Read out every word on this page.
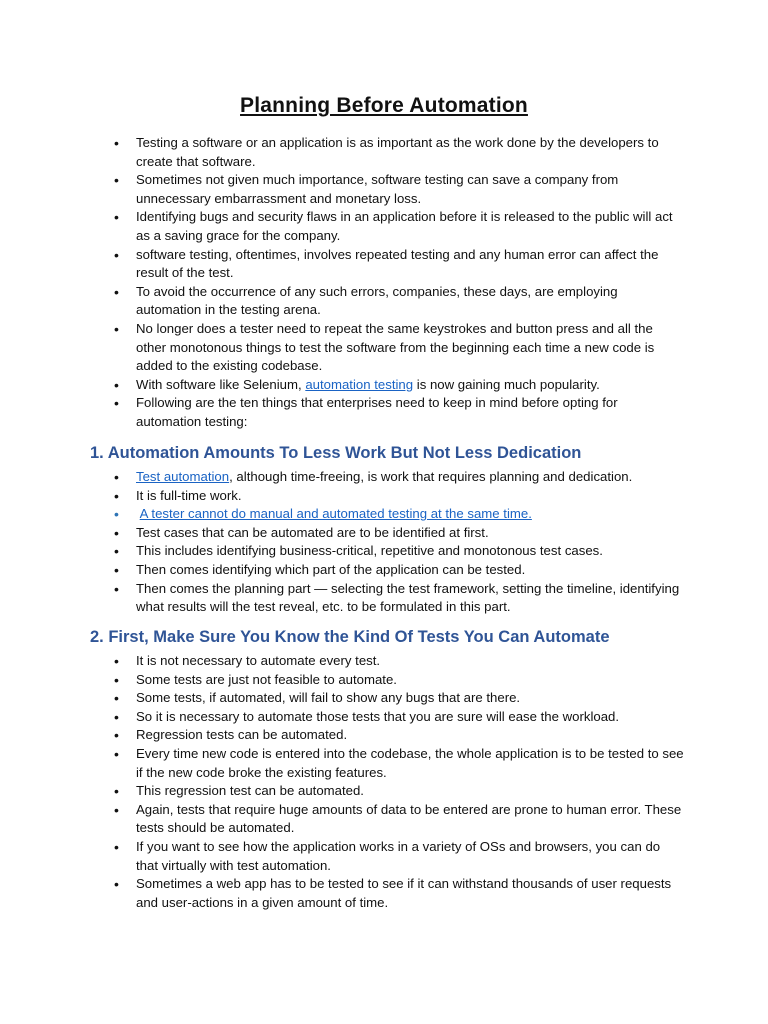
Planning Before Automation
• Testing a software or an application is as important as the work done by the developers to create that software.
• Sometimes not given much importance, software testing can save a company from unnecessary embarrassment and monetary loss.
• Identifying bugs and security flaws in an application before it is released to the public will act as a saving grace for the company.
• software testing, oftentimes, involves repeated testing and any human error can affect the result of the test.
• To avoid the occurrence of any such errors, companies, these days, are employing automation in the testing arena.
• No longer does a tester need to repeat the same keystrokes and button press and all the other monotonous things to test the software from the beginning each time a new code is added to the existing codebase.
• With software like Selenium, automation testing is now gaining much popularity.
• Following are the ten things that enterprises need to keep in mind before opting for automation testing:
1. Automation Amounts To Less Work But Not Less Dedication
• Test automation, although time-freeing, is work that requires planning and dedication.
• It is full-time work.
• A tester cannot do manual and automated testing at the same time.
• Test cases that can be automated are to be identified at first.
• This includes identifying business-critical, repetitive and monotonous test cases.
• Then comes identifying which part of the application can be tested.
• Then comes the planning part — selecting the test framework, setting the timeline, identifying what results will the test reveal, etc. to be formulated in this part.
2. First, Make Sure You Know the Kind Of Tests You Can Automate
• It is not necessary to automate every test.
• Some tests are just not feasible to automate.
• Some tests, if automated, will fail to show any bugs that are there.
• So it is necessary to automate those tests that you are sure will ease the workload.
• Regression tests can be automated.
• Every time new code is entered into the codebase, the whole application is to be tested to see if the new code broke the existing features.
• This regression test can be automated.
• Again, tests that require huge amounts of data to be entered are prone to human error. These tests should be automated.
• If you want to see how the application works in a variety of OSs and browsers, you can do that virtually with test automation.
• Sometimes a web app has to be tested to see if it can withstand thousands of user requests and user-actions in a given amount of time.
